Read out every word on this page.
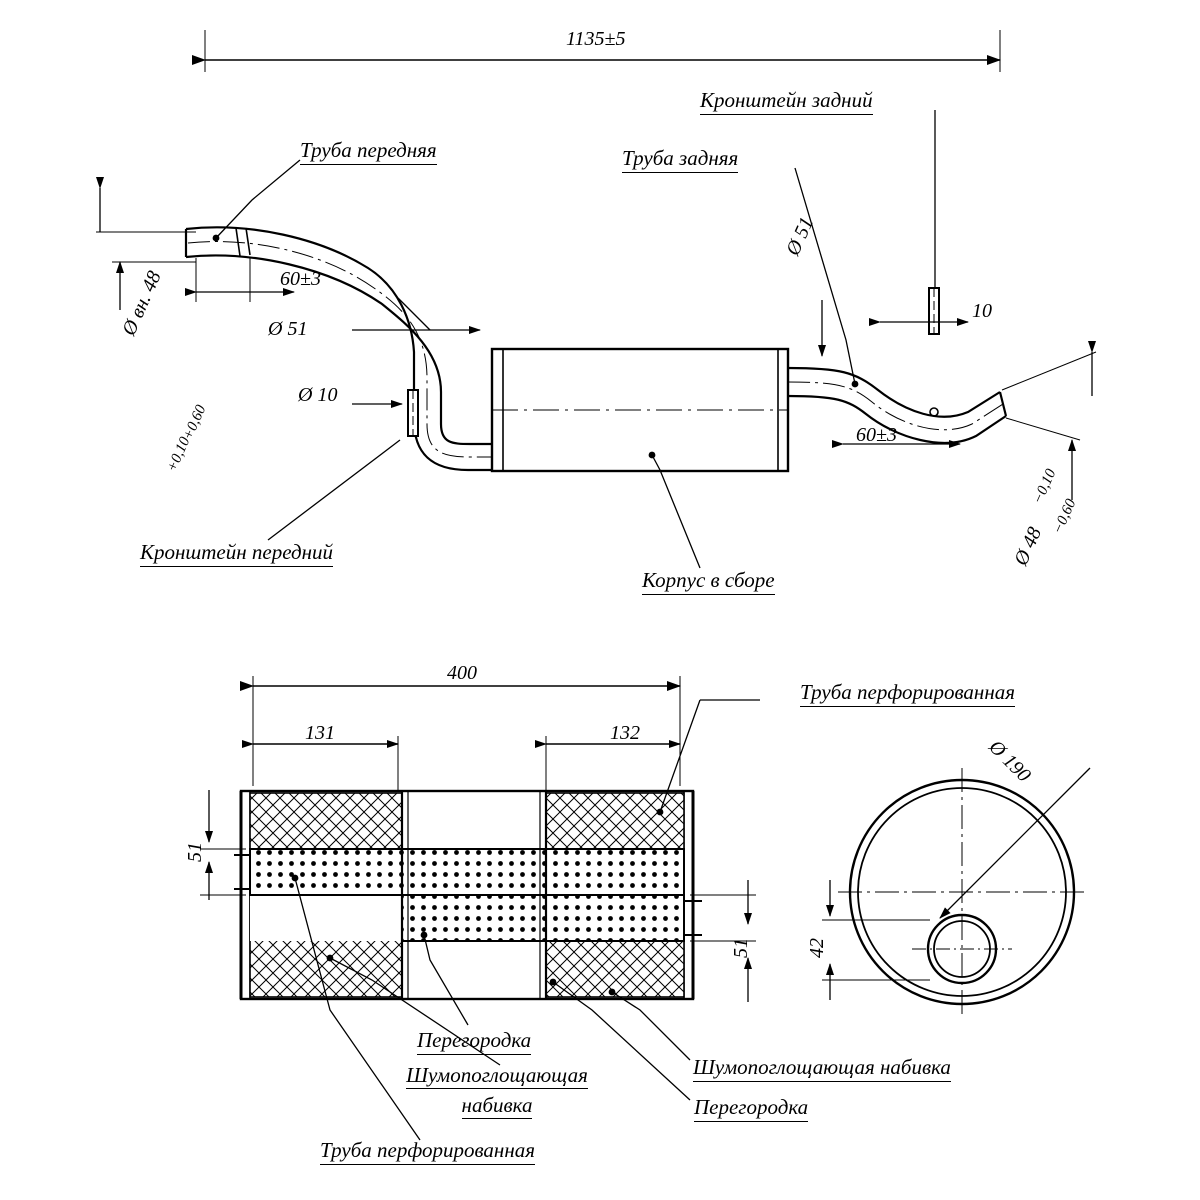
1135±5
60±3
Ø 51
Ø 10
Ø вн. 48
+0,60
+0,10
Ø 51
10
60±3
Ø 48
−0,10
−0,60
Труба передняя
Кронштейн задний
Труба задняя
Кронштейн передний
Корпус в сборе
400
131	132
51
51
Труба перфорированная
Перегородка
Шумопоглощающая
набивка
Шумопоглощающая набивка
Перегородка
Труба перфорированная
Ø 190
42
